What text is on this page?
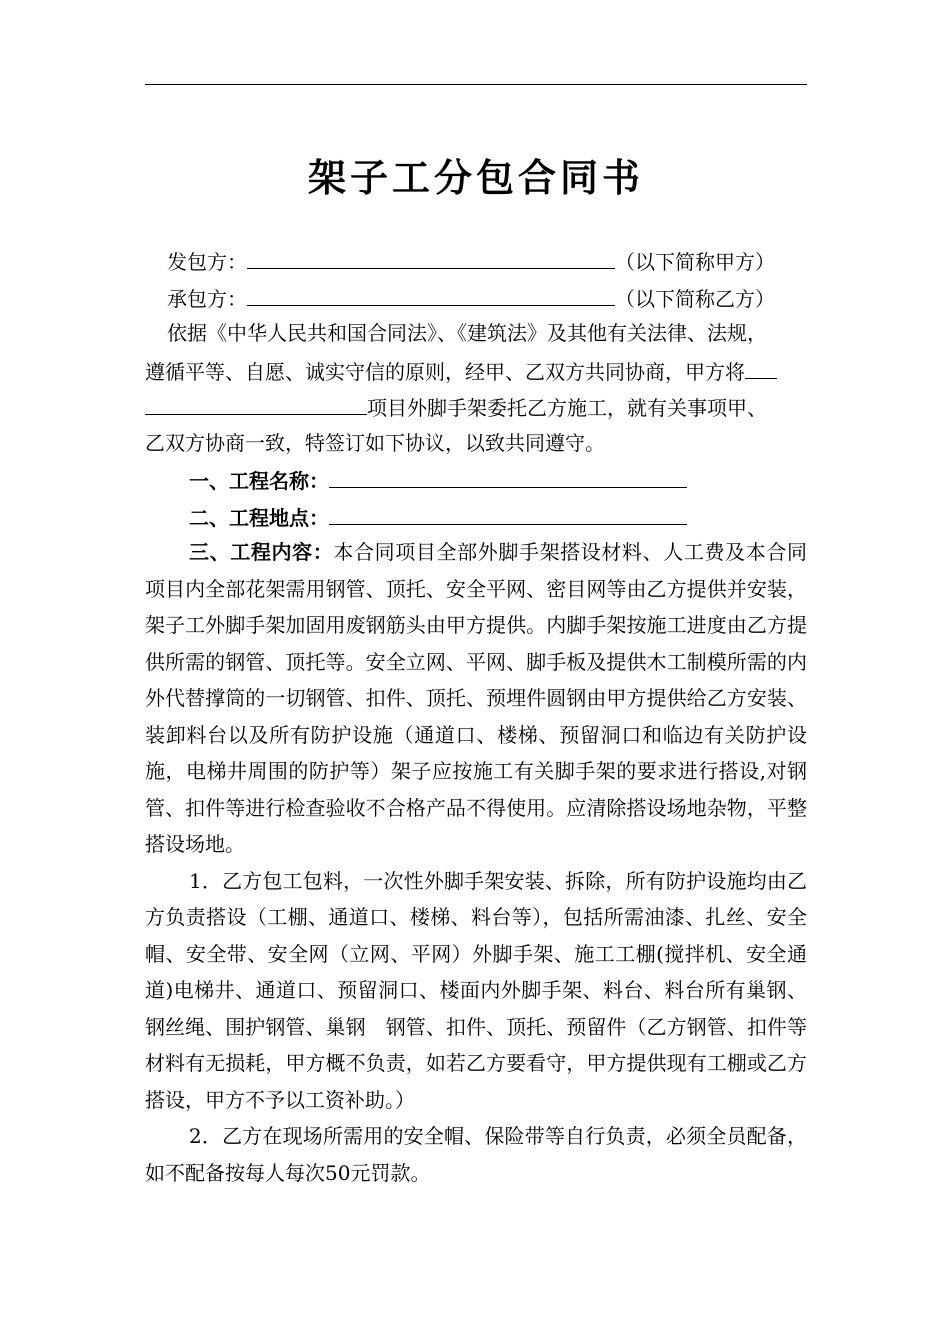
架子工分包合同书
发包方：	（以下简称甲方）
承包方：	（以下简称乙方）
依据《中华人民共和国合同法》、《建筑法》及其他有关法律、法规，
遵循平等、自愿、诚实守信的原则，经甲、乙双方共同协商，甲方将
项目外脚手架委托乙方施工，就有关事项甲、
乙双方协商一致，特签订如下协议，以致共同遵守。
一、工程名称：
二、工程地点：
三、工程内容：本合同项目全部外脚手架搭设材料、人工费及本合同项目内全部花架需用钢管、顶托、安全平网、密目网等由乙方提供并安装，架子工外脚手架加固用废钢筋头由甲方提供。内脚手架按施工进度由乙方提供所需的钢管、顶托等。安全立网、平网、脚手板及提供木工制模所需的内外代替撑筒的一切钢管、扣件、顶托、预埋件圆钢由甲方提供给乙方安装、装卸料台以及所有防护设施（通道口、楼梯、预留洞口和临边有关防护设施，电梯井周围的防护等）架子应按施工有关脚手架的要求进行搭设,对钢管、扣件等进行检查验收不合格产品不得使用。应清除搭设场地杂物，平整搭设场地。
1．乙方包工包料，一次性外脚手架安装、拆除，所有防护设施均由乙方负责搭设（工棚、通道口、楼梯、料台等），包括所需油漆、扎丝、安全帽、安全带、安全网（立网、平网）外脚手架、施工工棚(搅拌机、安全通道)电梯井、通道口、预留洞口、楼面内外脚手架、料台、料台所有巢钢、钢丝绳、围护钢管、巢钢　钢管、扣件、顶托、预留件（乙方钢管、扣件等材料有无损耗，甲方概不负责，如若乙方要看守，甲方提供现有工棚或乙方搭设，甲方不予以工资补助。）
2．乙方在现场所需用的安全帽、保险带等自行负责，必须全员配备，如不配备按每人每次50元罚款。
